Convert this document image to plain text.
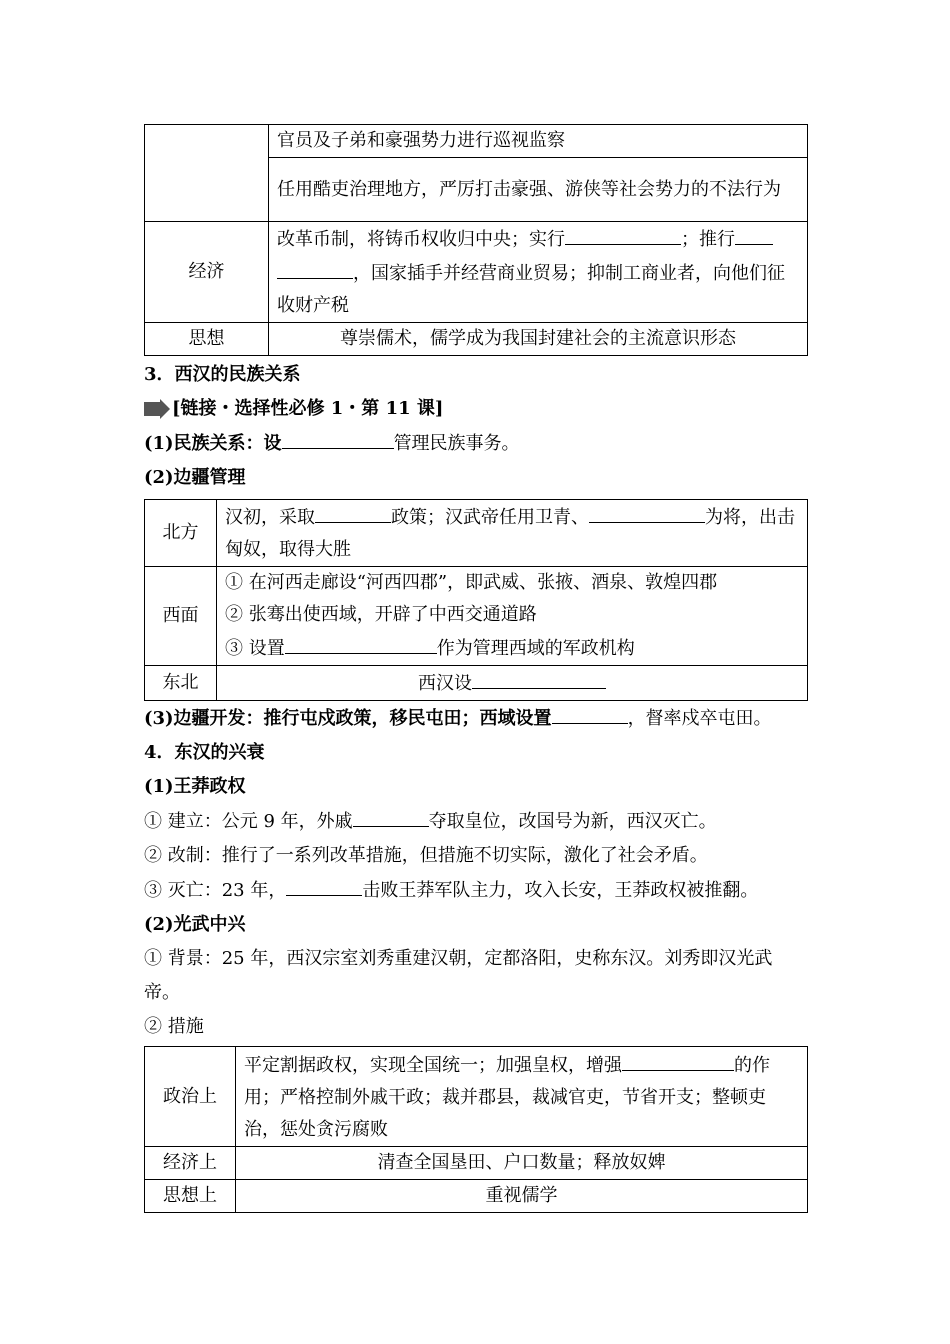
	官员及子弟和豪强势力进行巡视监察
	任用酷吏治理地方，严厉打击豪强、游侠等社会势力的不法行为
经济	改革币制，将铸币权收归中央；实行 ；推行
，国家插手并经营商业贸易；抑制工商业者，向他们征收财产税
思想	尊崇儒术，儒学成为我国封建社会的主流意识形态

3．西汉的民族关系

[链接・选择性必修 1・第 11 课]

(1)民族关系：设	管理民族事务。

(2)边疆管理

北方	汉初，采取 政策；汉武帝任用卫青、 为将，出击匈奴，取得大胜
西面	① 在河西走廊设“河西四郡”，即武威、张掖、酒泉、敦煌四郡
② 张骞出使西域，开辟了中西交通道路
③ 设置 作为管理西域的军政机构

东北	西汉设

(3)边疆开发：推行屯戍政策，移民屯田；西域设置	，督率戍卒屯田。

4．东汉的兴衰

(1)王莽政权

① 建立：公元 9 年，外戚	夺取皇位，改国号为新，西汉灭亡。

② 改制：推行了一系列改革措施，但措施不切实际，激化了社会矛盾。

③ 灭亡：23 年，	击败王莽军队主力，攻入长安，王莽政权被推翻。

(2)光武中兴

① 背景：25 年，西汉宗室刘秀重建汉朝，定都洛阳，史称东汉。刘秀即汉光武帝。

② 措施

政治上	平定割据政权，实现全国统一；加强皇权，增强 的作用；严格控制外戚干政；裁并郡县，裁减官吏，节省开支；整顿吏治，惩处贪污腐败
经济上	清查全国垦田、户口数量；释放奴婢
思想上	重视儒学
